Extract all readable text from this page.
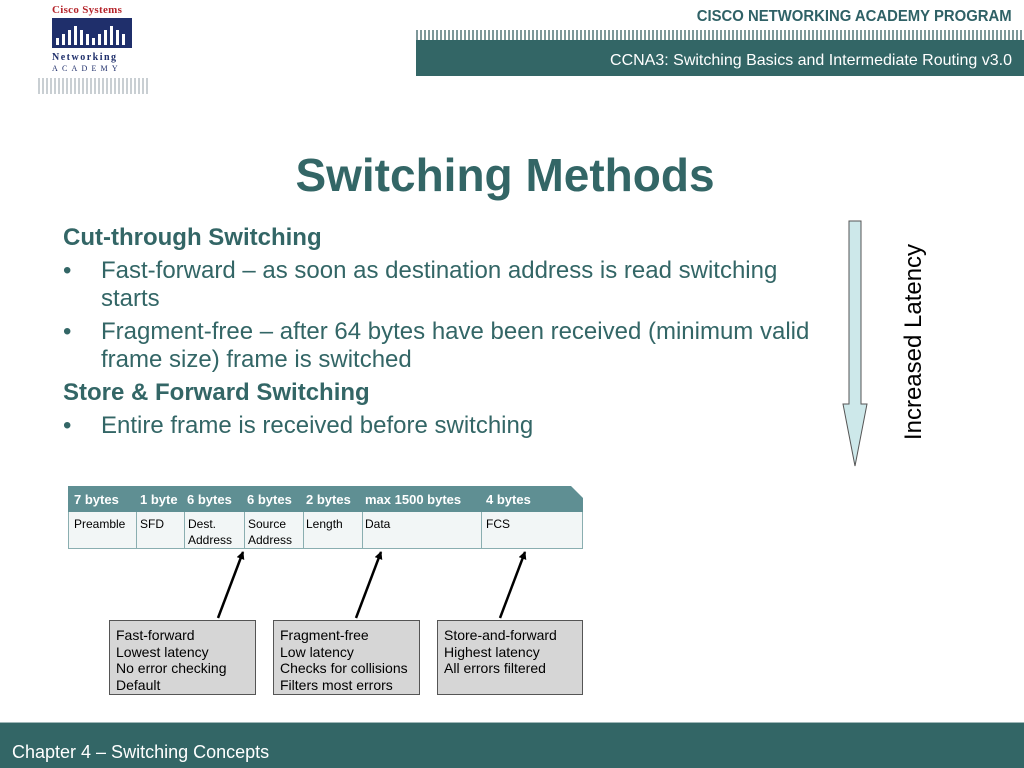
Cisco Systems
Networking
ACADEMY
CISCO NETWORKING ACADEMY PROGRAM
CCNA3: Switching Basics and Intermediate Routing v3.0
Switching Methods
Cut-through Switching
• Fast-forward – as soon as destination address is read switching starts
• Fragment-free – after 64 bytes have been received (minimum valid frame size) frame is switched
Store & Forward Switching
• Entire frame is received before switching	Increased Latency
7 bytes 1 byte 6 bytes 6 bytes 2 bytes max 1500 bytes 4 bytes
Preamble SFD Dest.
Address
Source
Address
Length Data	FCS
Fast-forward
Lowest latency
No error checking
Default
Fragment-free
Low latency
Checks for collisions
Filters most errors
Store-and-forward
Highest latency
All errors filtered
Chapter 4 – Switching Concepts
